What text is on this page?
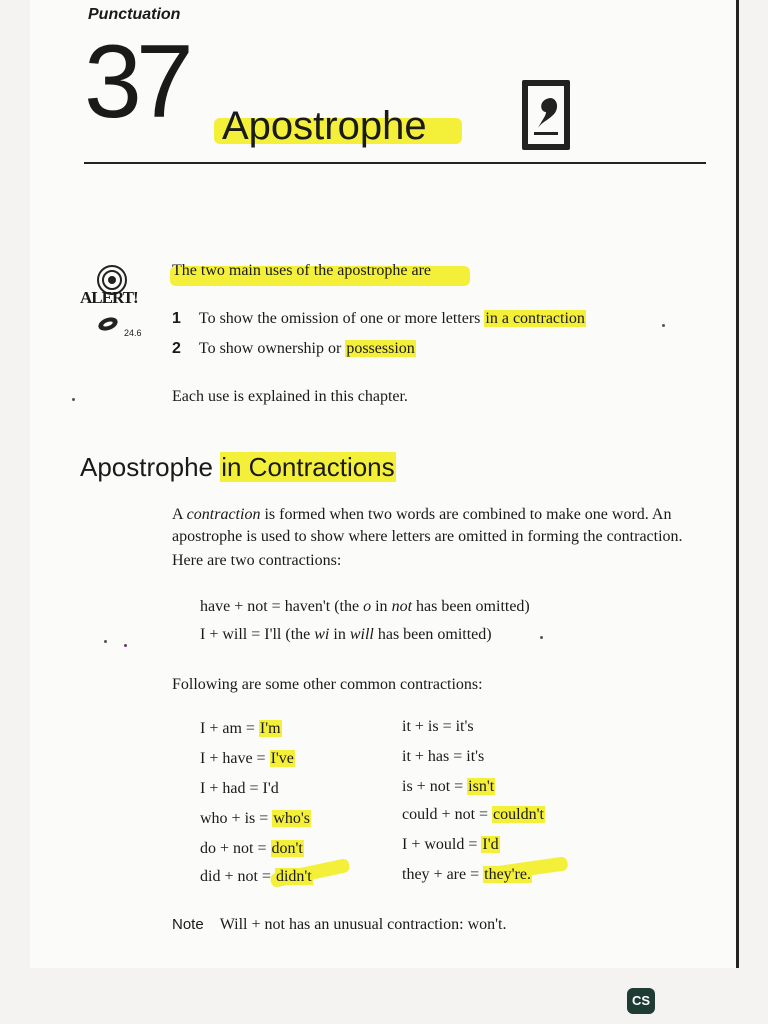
Punctuation
37 Apostrophe
ALERT!
24.6
The two main uses of the apostrophe are
1 To show the omission of one or more letters in a contraction
2 To show ownership or possession
Each use is explained in this chapter.
Apostrophe in Contractions
A contraction is formed when two words are combined to make one word. An
apostrophe is used to show where letters are omitted in forming the contraction.
Here are two contractions:
have + not = haven't (the o in not has been omitted)
I + will = I'll (the wi in will has been omitted)
Following are some other common contractions:
I + am = I'm
I + have = I've
I + had = I'd
who + is = who's
do + not = don't
did + not = didn't
it + is = it's
it + has = it's
is + not = isn't
could + not = couldn't
I + would = I'd
they + are = they're.
Note Will + not has an unusual contraction: won't.
CS
